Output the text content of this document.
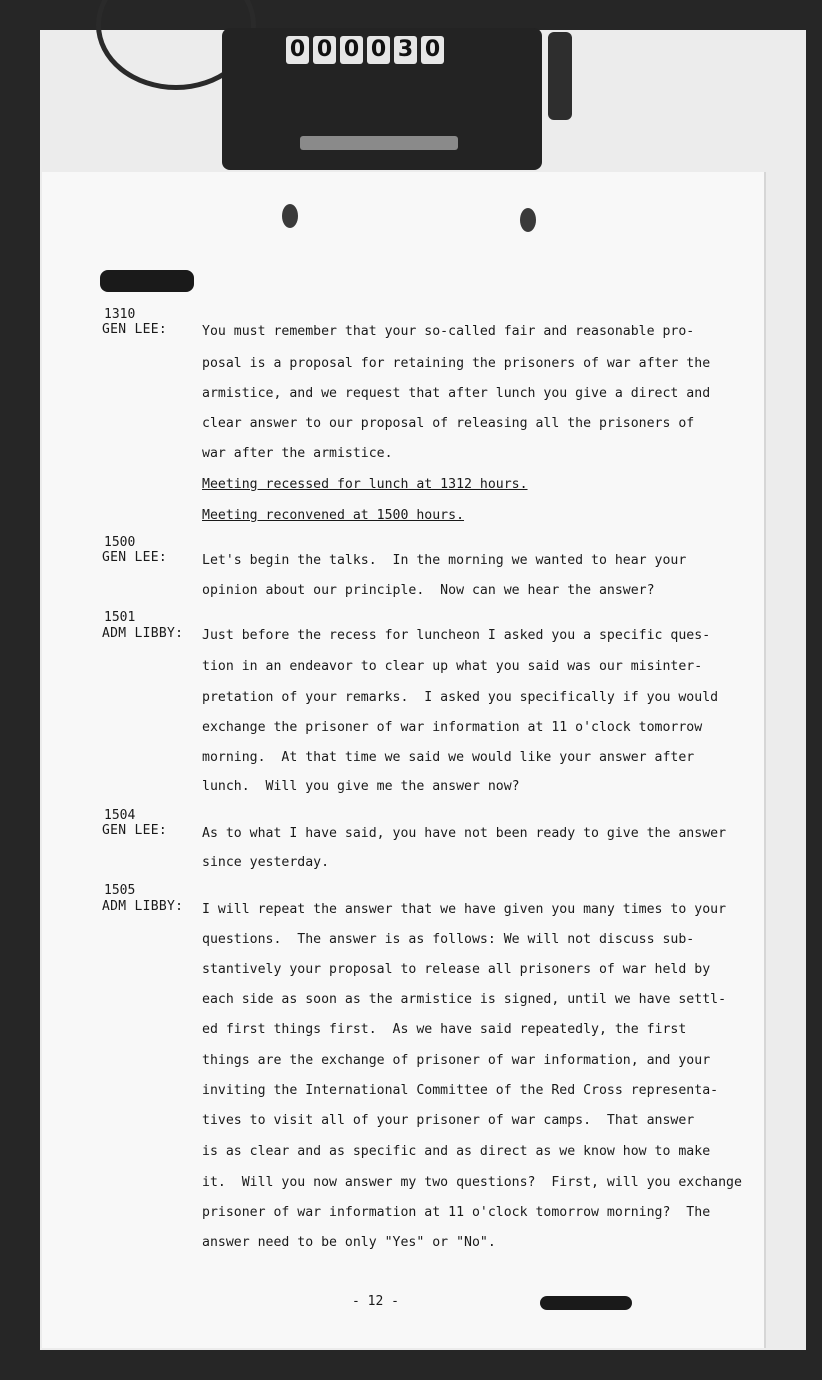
0 0 0 0 3 0
1310
GEN LEE:	You must remember that your so-called fair and reasonable pro-
posal is a proposal for retaining the prisoners of war after the
armistice, and we request that after lunch you give a direct and
clear answer to our proposal of releasing all the prisoners of
war after the armistice.
Meeting recessed for lunch at 1312 hours.
Meeting reconvened at 1500 hours.
1500
GEN LEE:	Let's begin the talks.  In the morning we wanted to hear your
opinion about our principle.  Now can we hear the answer?
1501
ADM LIBBY: Just before the recess for luncheon I asked you a specific ques-
tion in an endeavor to clear up what you said was our misinter-
pretation of your remarks.  I asked you specifically if you would
exchange the prisoner of war information at 11 o'clock tomorrow
morning.  At that time we said we would like your answer after
lunch.  Will you give me the answer now?
1504
GEN LEE:	As to what I have said, you have not been ready to give the answer
since yesterday.
1505
ADM LIBBY: I will repeat the answer that we have given you many times to your
questions.  The answer is as follows: We will not discuss sub-
stantively your proposal to release all prisoners of war held by
each side as soon as the armistice is signed, until we have settl-
ed first things first.  As we have said repeatedly, the first
things are the exchange of prisoner of war information, and your
inviting the International Committee of the Red Cross representa-
tives to visit all of your prisoner of war camps.  That answer
is as clear and as specific and as direct as we know how to make
it.  Will you now answer my two questions?  First, will you exchange
prisoner of war information at 11 o'clock tomorrow morning?  The
answer need to be only "Yes" or "No".
- 12 -
